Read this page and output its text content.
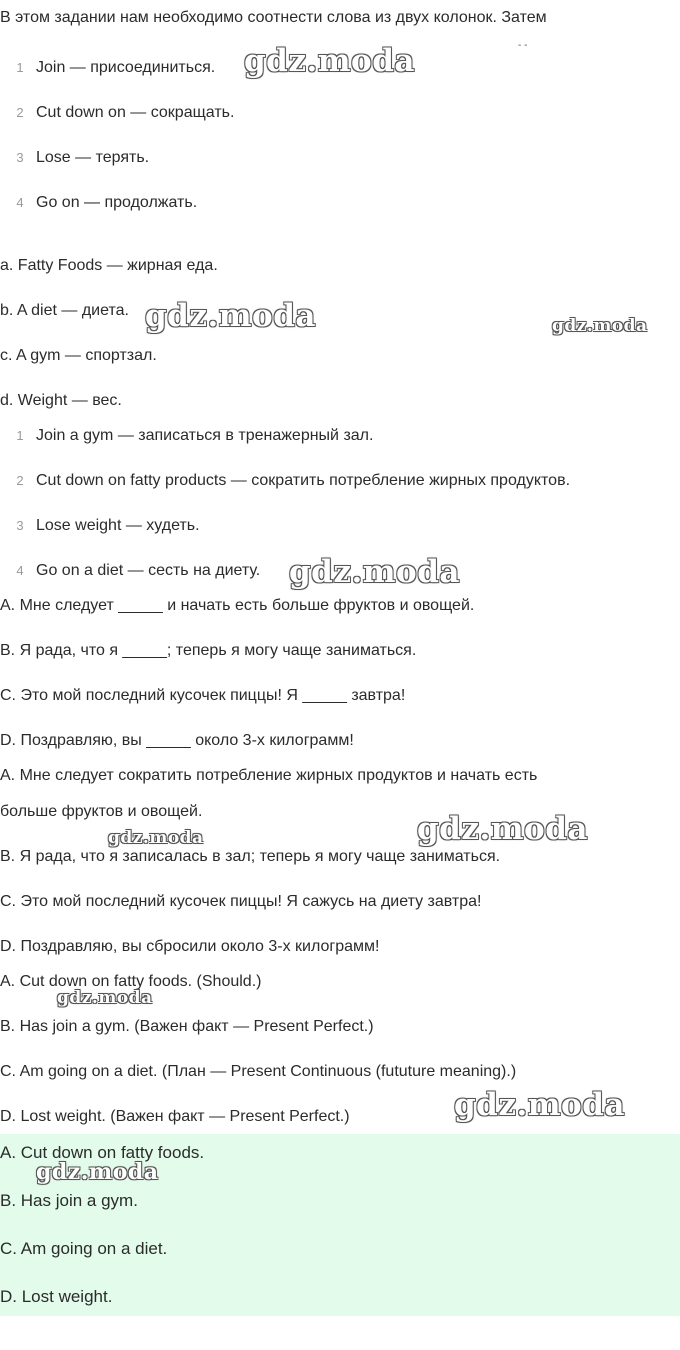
В этом задании нам необходимо соотнести слова из двух колонок. Затем
‑ ‑
1 Join — присоединиться.
2 Cut down on — сокращать.
3 Lose — терять.
4 Go on — продолжать.
a. Fatty Foods — жирная еда.
b. A diet — диета.
c. A gym — спортзал.
d. Weight — вес.
1 Join a gym — записаться в тренажерный зал.
2 Cut down on fatty products — сократить потребление жирных продуктов.
3 Lose weight — худеть.
4 Go on a diet — сесть на диету.
A. Мне следует _____ и начать есть больше фруктов и овощей.
B. Я рада, что я _____; теперь я могу чаще заниматься.
C. Это мой последний кусочек пиццы! Я _____ завтра!
D. Поздравляю, вы _____ около 3-х килограмм!
A. Мне следует сократить потребление жирных продуктов и начать есть
больше фруктов и овощей.
B. Я рада, что я записалась в зал; теперь я могу чаще заниматься.
C. Это мой последний кусочек пиццы! Я сажусь на диету завтра!
D. Поздравляю, вы сбросили около 3-х килограмм!
A. Cut down on fatty foods. (Should.)
B. Has join a gym. (Важен факт — Present Perfect.)
C. Am going on a diet. (План — Present Continuous (fututure meaning).)
D. Lost weight. (Важен факт — Present Perfect.)
A. Cut down on fatty foods.
B. Has join a gym.
C. Am going on a diet.
D. Lost weight.
gdz.moda
gdz.moda	gdz.moda
gdz.moda
gdz.moda	gdz.moda
gdz.moda
gdz.moda
gdz.moda
